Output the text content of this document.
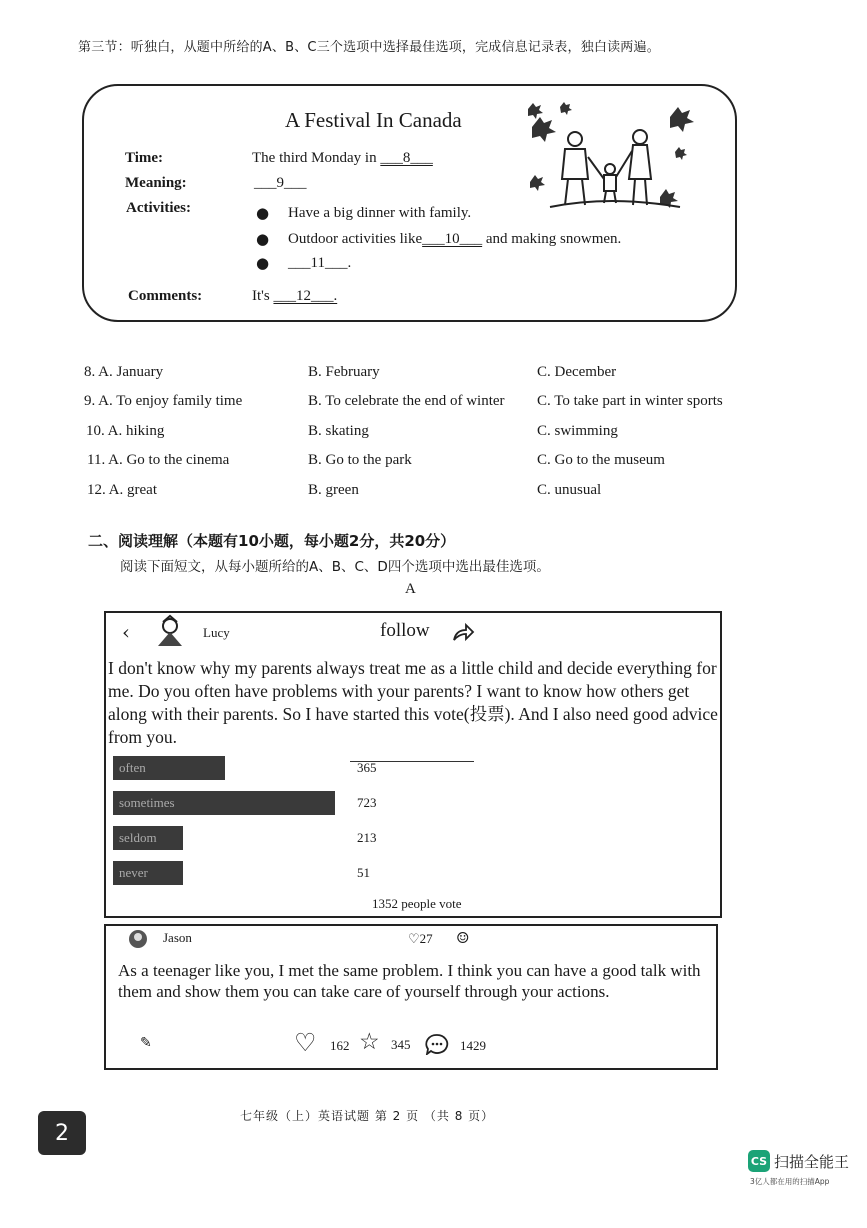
第三节：听独白，从题中所给的A、B、C三个选项中选择最佳选项，完成信息记录表，独白读两遍。
A Festival In Canada
Time:	The third Monday in ___8___
Meaning:	___9___
Activities:	● Have a big dinner with family.
● Outdoor activities like___10___ and making snowmen.
● ___11___.
Comments:	It's ___12___.
8. A. January	B. February	C. December
9. A. To enjoy family time	B. To celebrate the end of winter C. To take part in winter sports
10. A. hiking	B. skating	C. swimming
11. A. Go to the cinema	B. Go to the park	C. Go to the museum
12. A. great	B. green	C. unusual
二、阅读理解（本题有10小题，每小题2分，共20分）
阅读下面短文，从每小题所给的A、B、C、D四个选项中选出最佳选项。
A
‹	Lucy	follow
I don't know why my parents always treat me as a little child and decide everything for me. Do you often have problems with your parents? I want to know how others get along with their parents. So I have started this vote(投票). And I also need good advice from you.
often	365
sometimes	723
seldom	213
never	51
1352 people vote
Jason	♡27 ☺
As a teenager like you, I met the same problem. I think you can have a good talk with them and show them you can take care of yourself through your actions.
✎	♡ 162 ☆ 345	1429
七年级（上）英语试题 第 2 页 （共 8 页）
2
CS 扫描全能王
3亿人都在用的扫描App
